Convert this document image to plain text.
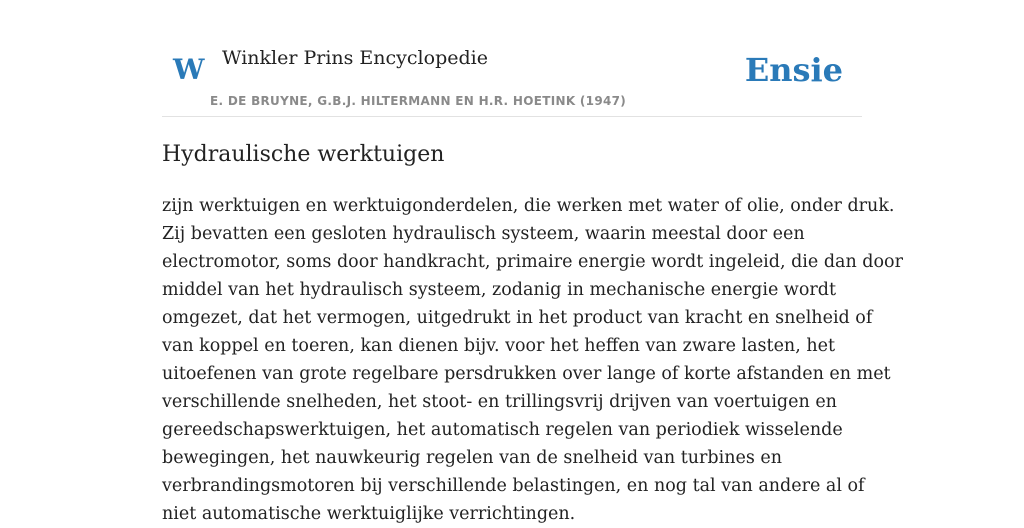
W Winkler Prins Encyclopedie
E. DE BRUYNE, G.B.J. HILTERMANN EN H.R. HOETINK (1947)
Ensie
Hydraulische werktuigen
zijn werktuigen en werktuigonderdelen, die werken met water of olie, onder druk.
Zij bevatten een gesloten hydraulisch systeem, waarin meestal door een
electromotor, soms door handkracht, primaire energie wordt ingeleid, die dan door
middel van het hydraulisch systeem, zodanig in mechanische energie wordt
omgezet, dat het vermogen, uitgedrukt in het product van kracht en snelheid of
van koppel en toeren, kan dienen bijv. voor het heffen van zware lasten, het
uitoefenen van grote regelbare persdrukken over lange of korte afstanden en met
verschillende snelheden, het stoot- en trillingsvrij drijven van voertuigen en
gereedschapswerktuigen, het automatisch regelen van periodiek wisselende
bewegingen, het nauwkeurig regelen van de snelheid van turbines en
verbrandingsmotoren bij verschillende belastingen, en nog tal van andere al of
niet automatische werktuiglijke verrichtingen.
